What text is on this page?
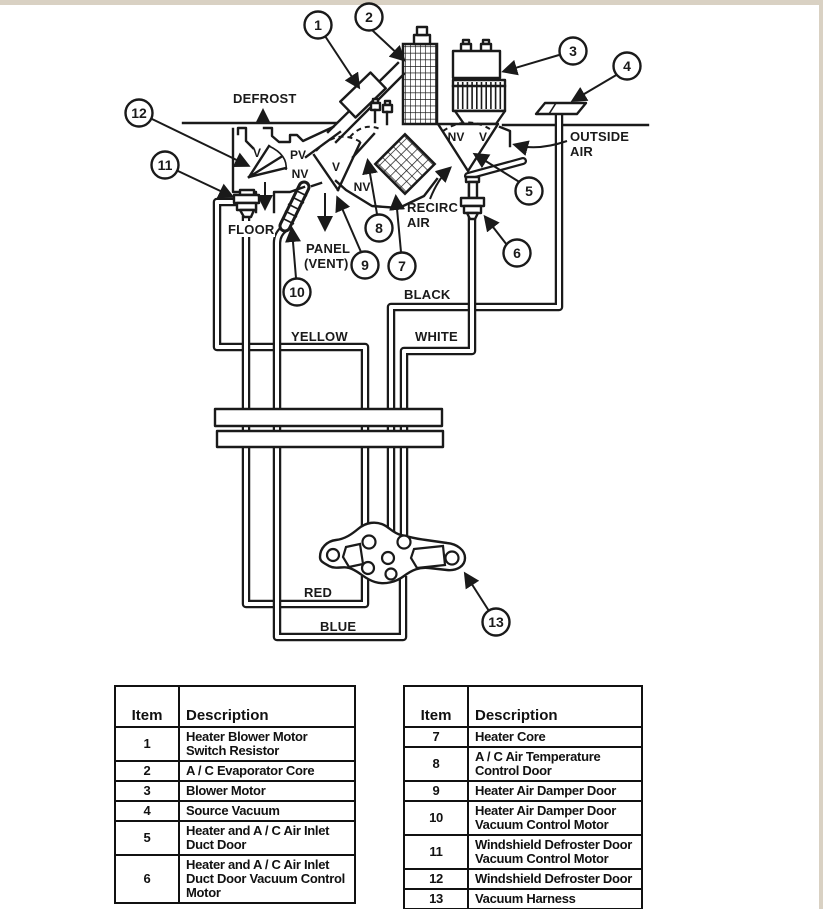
DEFROST
OUTSIDE
AIR
RECIRC
AIR
PANEL
(VENT)
FLOOR
BLACK
YELLOW	WHITE
RED
BLUE
V PV
NV V
NV
NV V
1	2
3
4
5
6
7
8
9
10
11
12
13
Item	Description
1	Heater Blower Motor Switch Resistor
2	A / C Evaporator Core
3	Blower Motor
4	Source Vacuum
5	Heater and A / C Air Inlet Duct Door
6	Heater and A / C Air Inlet Duct Door Vacuum Control Motor
Item	Description
7	Heater Core
8	A / C Air Temperature Control Door
9	Heater Air Damper Door
10	Heater Air Damper Door Vacuum Control Motor
11	Windshield Defroster Door Vacuum Control Motor
12	Windshield Defroster Door
13	Vacuum Harness
